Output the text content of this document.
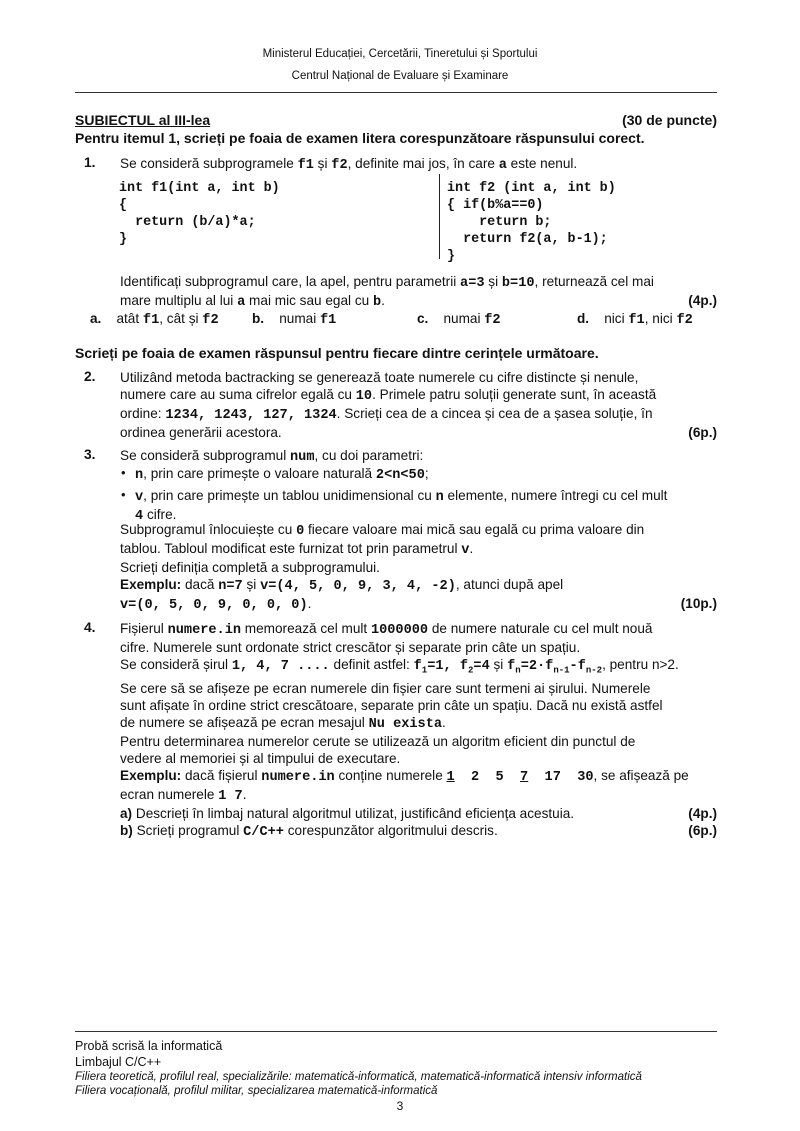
Ministerul Educației, Cercetării, Tineretului și Sportului
Centrul Național de Evaluare și Examinare
SUBIECTUL al III-lea	(30 de puncte)
Pentru itemul 1, scrieți pe foaia de examen litera corespunzătoare răspunsului corect.
1. Se consideră subprogramele f1 și f2, definite mai jos, în care a este nenul.
int f1(int a, int b)
{
return (b/a)*a;
}
int f2 (int a, int b)
{ if(b%a==0)
return b;
return f2(a, b-1);
}
Identificați subprogramul care, la apel, pentru parametrii a=3 și b=10, returnează cel mai
mare multiplu al lui a mai mic sau egal cu b.	(4p.)
a. atât f1, cât și f2 b. numai f1	c. numai f2	d. nici f1, nici f2
Scrieți pe foaia de examen răspunsul pentru fiecare dintre cerințele următoare.
2. Utilizând metoda bactracking se generează toate numerele cu cifre distincte și nenule,
numere care au suma cifrelor egală cu 10. Primele patru soluții generate sunt, în această
ordine: 1234, 1243, 127, 1324. Scrieți cea de a cincea și cea de a șasea soluție, în
ordinea generării acestora.	(6p.)
3. Se consideră subprogramul num, cu doi parametri:
• n, prin care primește o valoare naturală 2<n<50;
• v, prin care primește un tablou unidimensional cu n elemente, numere întregi cu cel mult
4 cifre.
Subprogramul înlocuiește cu 0 fiecare valoare mai mică sau egală cu prima valoare din
tablou. Tabloul modificat este furnizat tot prin parametrul v.
Scrieți definiția completă a subprogramului.
Exemplu: dacă n=7 și v=(4, 5, 0, 9, 3, 4, -2), atunci după apel
v=(0, 5, 0, 9, 0, 0, 0).	(10p.)
4. Fișierul numere.in memorează cel mult 1000000 de numere naturale cu cel mult nouă
cifre. Numerele sunt ordonate strict crescător și separate prin câte un spațiu.
Se consideră șirul 1, 4, 7 .... definit astfel: $f_1=1$, $f_2=4$ și $f_n=2\cdot f_{n-1}-f_{n-2}$, pentru n>2.
Se cere să se afișeze pe ecran numerele din fișier care sunt termeni ai șirului. Numerele
sunt afișate în ordine strict crescătoare, separate prin câte un spațiu. Dacă nu există astfel
de numere se afișează pe ecran mesajul Nu exista.
Pentru determinarea numerelor cerute se utilizează un algoritm eficient din punctul de
vedere al memoriei și al timpului de executare.
Exemplu: dacă fișierul numere.in conține numerele 1 2 5 7 17 30, se afișează pe
ecran numerele 1 7.
a) Descrieți în limbaj natural algoritmul utilizat, justificând eficiența acestuia.	(4p.)
b) Scrieți programul C/C++ corespunzător algoritmului descris.	(6p.)
Probă scrisă la informatică
Limbajul C/C++
Filiera teoretică, profilul real, specializările: matematică-informatică, matematică-informatică intensiv informatică
Filiera vocațională, profilul militar, specializarea matematică-informatică
3
